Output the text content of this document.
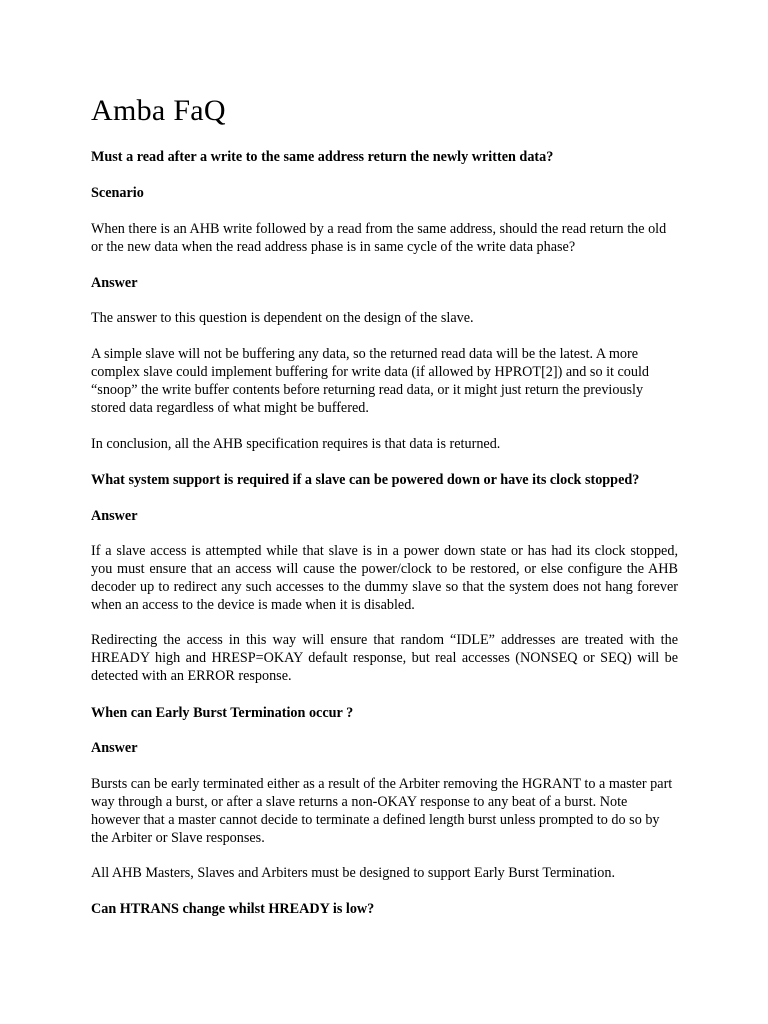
Amba FaQ

Must a read after a write to the same address return the newly written data?

Scenario

When there is an AHB write followed by a read from the same address, should the read return the old or the new data when the read address phase is in same cycle of the write data phase?

Answer

The answer to this question is dependent on the design of the slave.

A simple slave will not be buffering any data, so the returned read data will be the latest. A more complex slave could implement buffering for write data (if allowed by HPROT[2]) and so it could “snoop” the write buffer contents before returning read data, or it might just return the previously stored data regardless of what might be buffered.

In conclusion, all the AHB specification requires is that data is returned.

What system support is required if a slave can be powered down or have its clock stopped?

Answer

If a slave access is attempted while that slave is in a power down state or has had its clock stopped, you must ensure that an access will cause the power/clock to be restored, or else configure the AHB decoder up to redirect any such accesses to the dummy slave so that the system does not hang forever when an access to the device is made when it is disabled.

Redirecting the access in this way will ensure that random “IDLE” addresses are treated with the HREADY high and HRESP=OKAY default response, but real accesses (NONSEQ or SEQ) will be detected with an ERROR response.

When can Early Burst Termination occur ?

Answer

Bursts can be early terminated either as a result of the Arbiter removing the HGRANT to a master part way through a burst, or after a slave returns a non-OKAY response to any beat of a burst. Note however that a master cannot decide to terminate a defined length burst unless prompted to do so by the Arbiter or Slave responses.

All AHB Masters, Slaves and Arbiters must be designed to support Early Burst Termination.

Can HTRANS change whilst HREADY is low?
